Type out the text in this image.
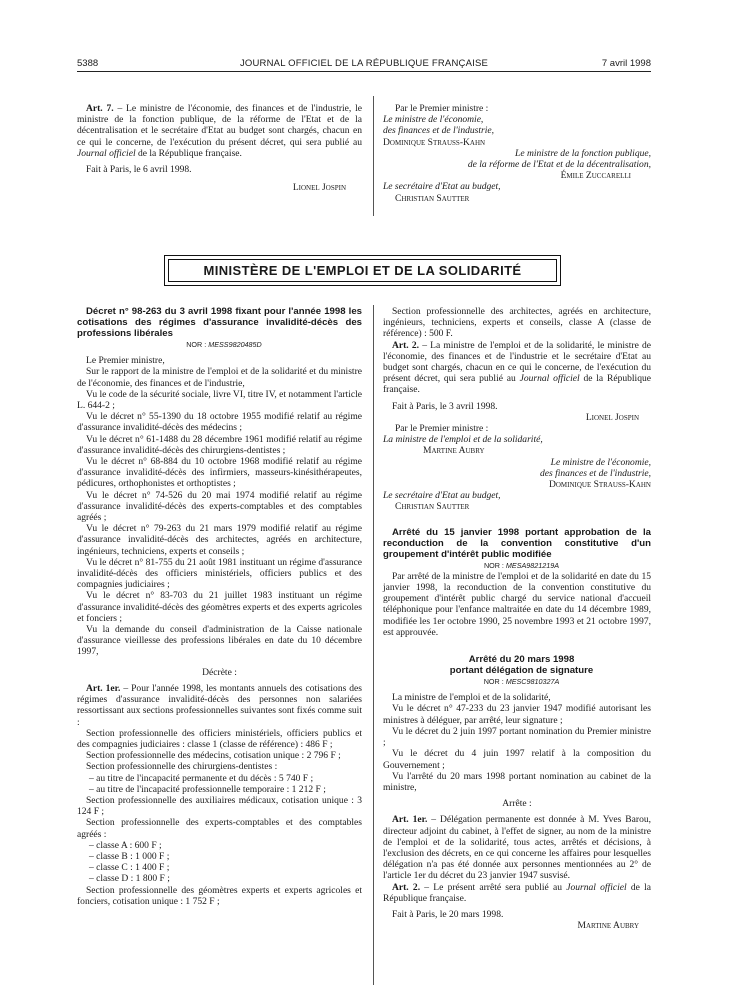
5388	JOURNAL OFFICIEL DE LA RÉPUBLIQUE FRANÇAISE	7 avril 1998

Art. 7. – Le ministre de l'économie, des finances et de l'industrie, le ministre de la fonction publique, de la réforme de l'Etat et de la décentralisation et le secrétaire d'Etat au budget sont chargés, chacun en ce qui le concerne, de l'exécution du présent décret, qui sera publié au Journal officiel de la République française.

Fait à Paris, le 6 avril 1998.

Lionel Jospin

Par le Premier ministre :

Le ministre de l'économie,

des finances et de l'industrie,

Dominique Strauss-Kahn

Le ministre de la fonction publique,

de la réforme de l'Etat et de la décentralisation,

Émile Zuccarelli

Le secrétaire d'Etat au budget,

Christian Sautter

MINISTÈRE DE L'EMPLOI ET DE LA SOLIDARITÉ

Décret n° 98-263 du 3 avril 1998 fixant pour l'année 1998 les cotisations des régimes d'assurance invalidité-décès des professions libérales

NOR : MESS9820485D

Le Premier ministre,

Sur le rapport de la ministre de l'emploi et de la solidarité et du ministre de l'économie, des finances et de l'industrie,

Vu le code de la sécurité sociale, livre VI, titre IV, et notamment l'article L. 644-2 ;

Vu le décret n° 55-1390 du 18 octobre 1955 modifié relatif au régime d'assurance invalidité-décès des médecins ;

Vu le décret n° 61-1488 du 28 décembre 1961 modifié relatif au régime d'assurance invalidité-décès des chirurgiens-dentistes ;

Vu le décret n° 68-884 du 10 octobre 1968 modifié relatif au régime d'assurance invalidité-décès des infirmiers, masseurs-kinésithérapeutes, pédicures, orthophonistes et orthoptistes ;

Vu le décret n° 74-526 du 20 mai 1974 modifié relatif au régime d'assurance invalidité-décès des experts-comptables et des comptables agréés ;

Vu le décret n° 79-263 du 21 mars 1979 modifié relatif au régime d'assurance invalidité-décès des architectes, agréés en architecture, ingénieurs, techniciens, experts et conseils ;

Vu le décret n° 81-755 du 21 août 1981 instituant un régime d'assurance invalidité-décès des officiers ministériels, officiers publics et des compagnies judiciaires ;

Vu le décret n° 83-703 du 21 juillet 1983 instituant un régime d'assurance invalidité-décès des géomètres experts et des experts agricoles et fonciers ;

Vu la demande du conseil d'administration de la Caisse nationale d'assurance vieillesse des professions libérales en date du 10 décembre 1997,

Décrète :

Art. 1er. – Pour l'année 1998, les montants annuels des cotisations des régimes d'assurance invalidité-décès des personnes non salariées ressortissant aux sections professionnelles suivantes sont fixés comme suit :

Section professionnelle des officiers ministériels, officiers publics et des compagnies judiciaires : classe 1 (classe de référence) : 486 F ;

Section professionnelle des médecins, cotisation unique : 2 796 F ;

Section professionnelle des chirurgiens-dentistes :

– au titre de l'incapacité permanente et du décès : 5 740 F ;

– au titre de l'incapacité professionnelle temporaire : 1 212 F ;

Section professionnelle des auxiliaires médicaux, cotisation unique : 3 124 F ;

Section professionnelle des experts-comptables et des comptables agréés :

– classe A : 600 F ;

– classe B : 1 000 F ;

– classe C : 1 400 F ;

– classe D : 1 800 F ;

Section professionnelle des géomètres experts et experts agricoles et fonciers, cotisation unique : 1 752 F ;

Section professionnelle des architectes, agréés en architecture, ingénieurs, techniciens, experts et conseils, classe A (classe de référence) : 500 F.

Art. 2. – La ministre de l'emploi et de la solidarité, le ministre de l'économie, des finances et de l'industrie et le secrétaire d'Etat au budget sont chargés, chacun en ce qui le concerne, de l'exécution du présent décret, qui sera publié au Journal officiel de la République française.

Fait à Paris, le 3 avril 1998.

Lionel Jospin

Par le Premier ministre :

La ministre de l'emploi et de la solidarité,

Martine Aubry

Le ministre de l'économie,

des finances et de l'industrie,

Dominique Strauss-Kahn

Le secrétaire d'Etat au budget,

Christian Sautter

Arrêté du 15 janvier 1998 portant approbation de la reconduction de la convention constitutive d'un groupement d'intérêt public modifiée

NOR : MESA9821219A

Par arrêté de la ministre de l'emploi et de la solidarité en date du 15 janvier 1998, la reconduction de la convention constitutive du groupement d'intérêt public chargé du service national d'accueil téléphonique pour l'enfance maltraitée en date du 14 décembre 1989, modifiée les 1er octobre 1990, 25 novembre 1993 et 21 octobre 1997, est approuvée.

Arrêté du 20 mars 1998

portant délégation de signature

NOR : MESC9810327A

La ministre de l'emploi et de la solidarité,

Vu le décret n° 47-233 du 23 janvier 1947 modifié autorisant les ministres à déléguer, par arrêté, leur signature ;

Vu le décret du 2 juin 1997 portant nomination du Premier ministre ;

Vu le décret du 4 juin 1997 relatif à la composition du Gouvernement ;

Vu l'arrêté du 20 mars 1998 portant nomination au cabinet de la ministre,

Arrête :

Art. 1er. – Délégation permanente est donnée à M. Yves Barou, directeur adjoint du cabinet, à l'effet de signer, au nom de la ministre de l'emploi et de la solidarité, tous actes, arrêtés et décisions, à l'exclusion des décrets, en ce qui concerne les affaires pour lesquelles délégation n'a pas été donnée aux personnes mentionnées au 2° de l'article 1er du décret du 23 janvier 1947 susvisé.

Art. 2. – Le présent arrêté sera publié au Journal officiel de la République française.

Fait à Paris, le 20 mars 1998.

Martine Aubry
